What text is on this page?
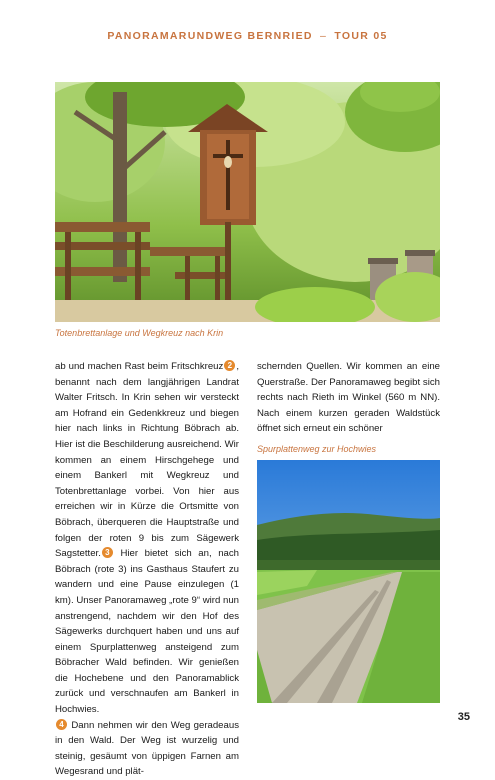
PANORAMARUNDWEG BERNRIED – TOUR 05
Totenbrettanlage und Wegkreuz nach Krin

ab und machen Rast beim Fritschkreuz 2 , benannt nach dem langjährigen Landrat Walter Fritsch. In Krin sehen wir versteckt am Hofrand ein Gedenkkreuz und biegen hier nach links in Richtung Böbrach ab. Hier ist die Beschilderung ausreichend. Wir kommen an einem Hirschgehege und einem Bankerl mit Wegkreuz und Totenbrettanlage vorbei. Von hier aus erreichen wir in Kürze die Ortsmitte von Böbrach, überqueren die Hauptstraße und folgen der roten 9 bis zum Sägewerk Sagstetter. 3 Hier bietet sich an, nach Böbrach (rote 3) ins Gasthaus Staufert zu wandern und eine Pause einzulegen (1 km). Unser Panoramaweg „rote 9“ wird nun anstrengend, nachdem wir den Hof des Sägewerks durchquert haben und uns auf einem Spurplattenweg ansteigend zum Böbracher Wald befinden. Wir genießen die Hochebene und den Panoramablick zurück und verschnaufen am Bankerl in Hochwies.
4 Dann nehmen wir den Weg geradeaus in den Wald. Der Weg ist wurzelig und steinig, gesäumt von üppigen Farnen am Wegesrand und plät-

schernden Quellen. Wir kommen an eine Querstraße. Der Panoramaweg begibt sich rechts nach Rieth im Winkel (560 m NN). Nach einem kurzen geraden Waldstück öffnet sich erneut ein schöner

Spurplattenweg zur Hochwies
35
